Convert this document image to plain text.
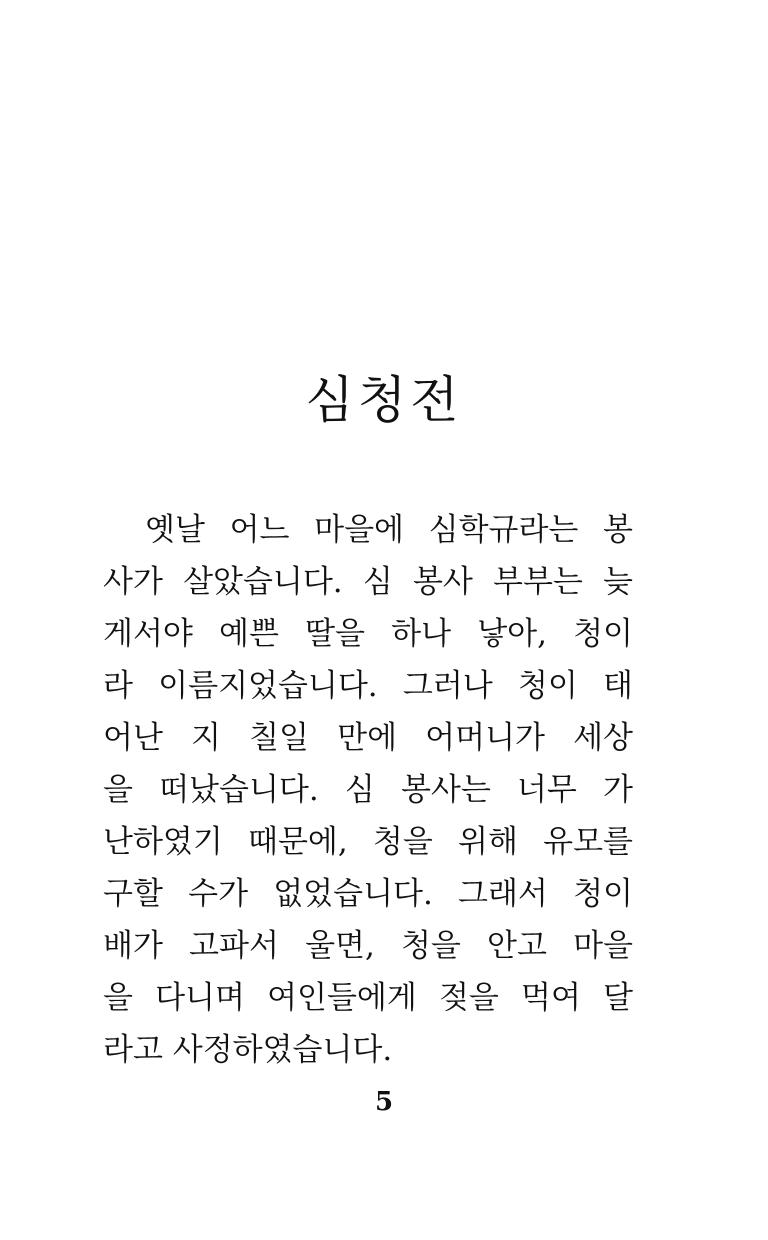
심청전
옛날 어느 마을에 심학규라는 봉
사가 살았습니다. 심 봉사 부부는 늦
게서야 예쁜 딸을 하나 낳아, 청이
라 이름지었습니다. 그러나 청이 태
어난 지 칠일 만에 어머니가 세상
을 떠났습니다. 심 봉사는 너무 가
난하였기 때문에, 청을 위해 유모를
구할 수가 없었습니다. 그래서 청이
배가 고파서 울면, 청을 안고 마을
을 다니며 여인들에게 젖을 먹여 달
라고 사정하였습니다.
5
